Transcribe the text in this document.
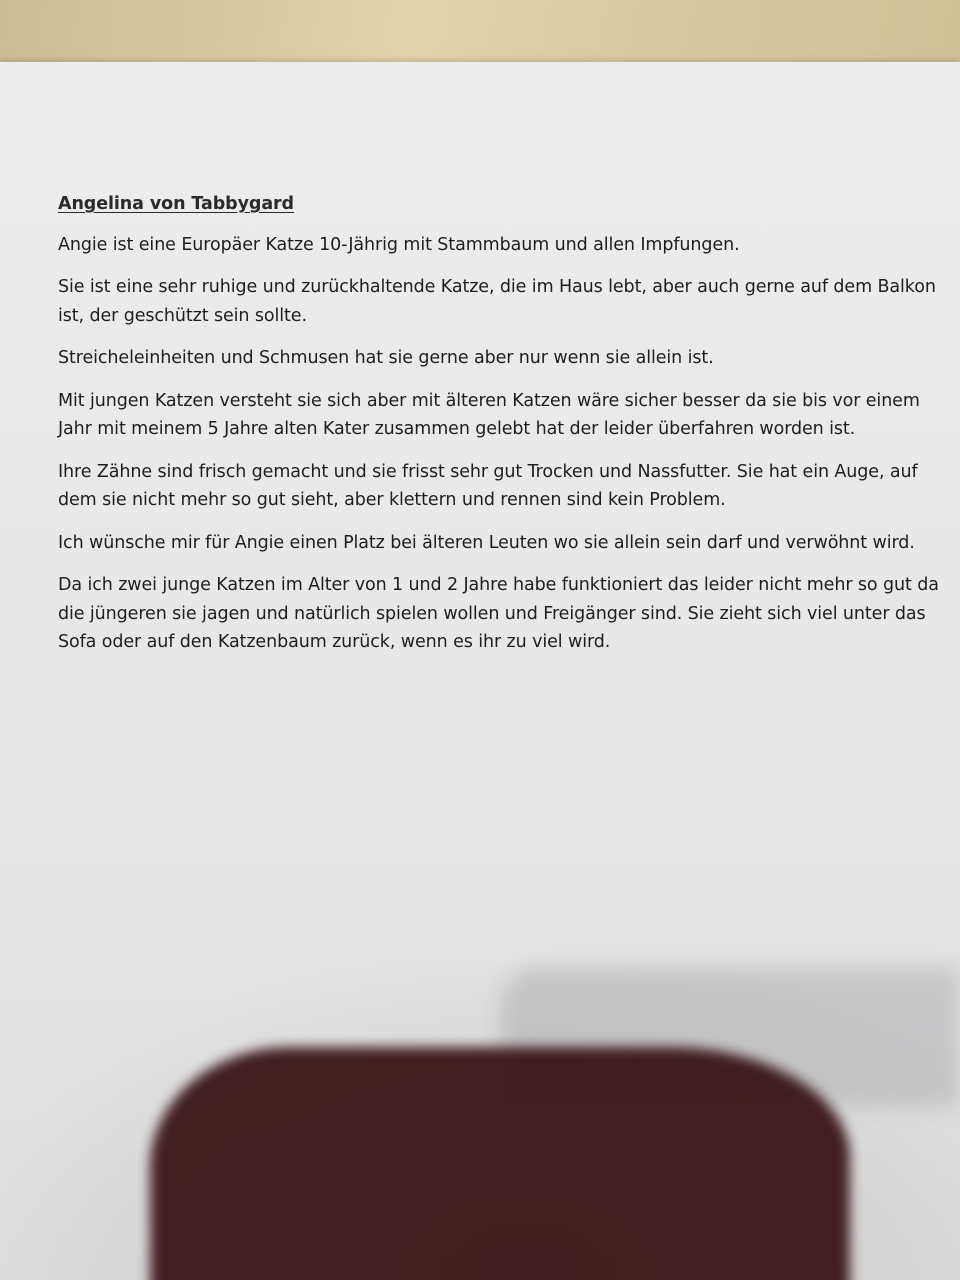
Angelina von Tabbygard

Angie ist eine Europäer Katze 10-Jährig mit Stammbaum und allen Impfungen.

Sie ist eine sehr ruhige und zurückhaltende Katze, die im Haus lebt, aber auch gerne auf dem Balkon ist, der geschützt sein sollte.

Streicheleinheiten und Schmusen hat sie gerne aber nur wenn sie allein ist.

Mit jungen Katzen versteht sie sich aber mit älteren Katzen wäre sicher besser da sie bis vor einem Jahr mit meinem 5 Jahre alten Kater zusammen gelebt hat der leider überfahren worden ist.

Ihre Zähne sind frisch gemacht und sie frisst sehr gut Trocken und Nassfutter. Sie hat ein Auge, auf dem sie nicht mehr so gut sieht, aber klettern und rennen sind kein Problem.

Ich wünsche mir für Angie einen Platz bei älteren Leuten wo sie allein sein darf und verwöhnt wird.

Da ich zwei junge Katzen im Alter von 1 und 2 Jahre habe funktioniert das leider nicht mehr so gut da die jüngeren sie jagen und natürlich spielen wollen und Freigänger sind. Sie zieht sich viel unter das Sofa oder auf den Katzenbaum zurück, wenn es ihr zu viel wird.
